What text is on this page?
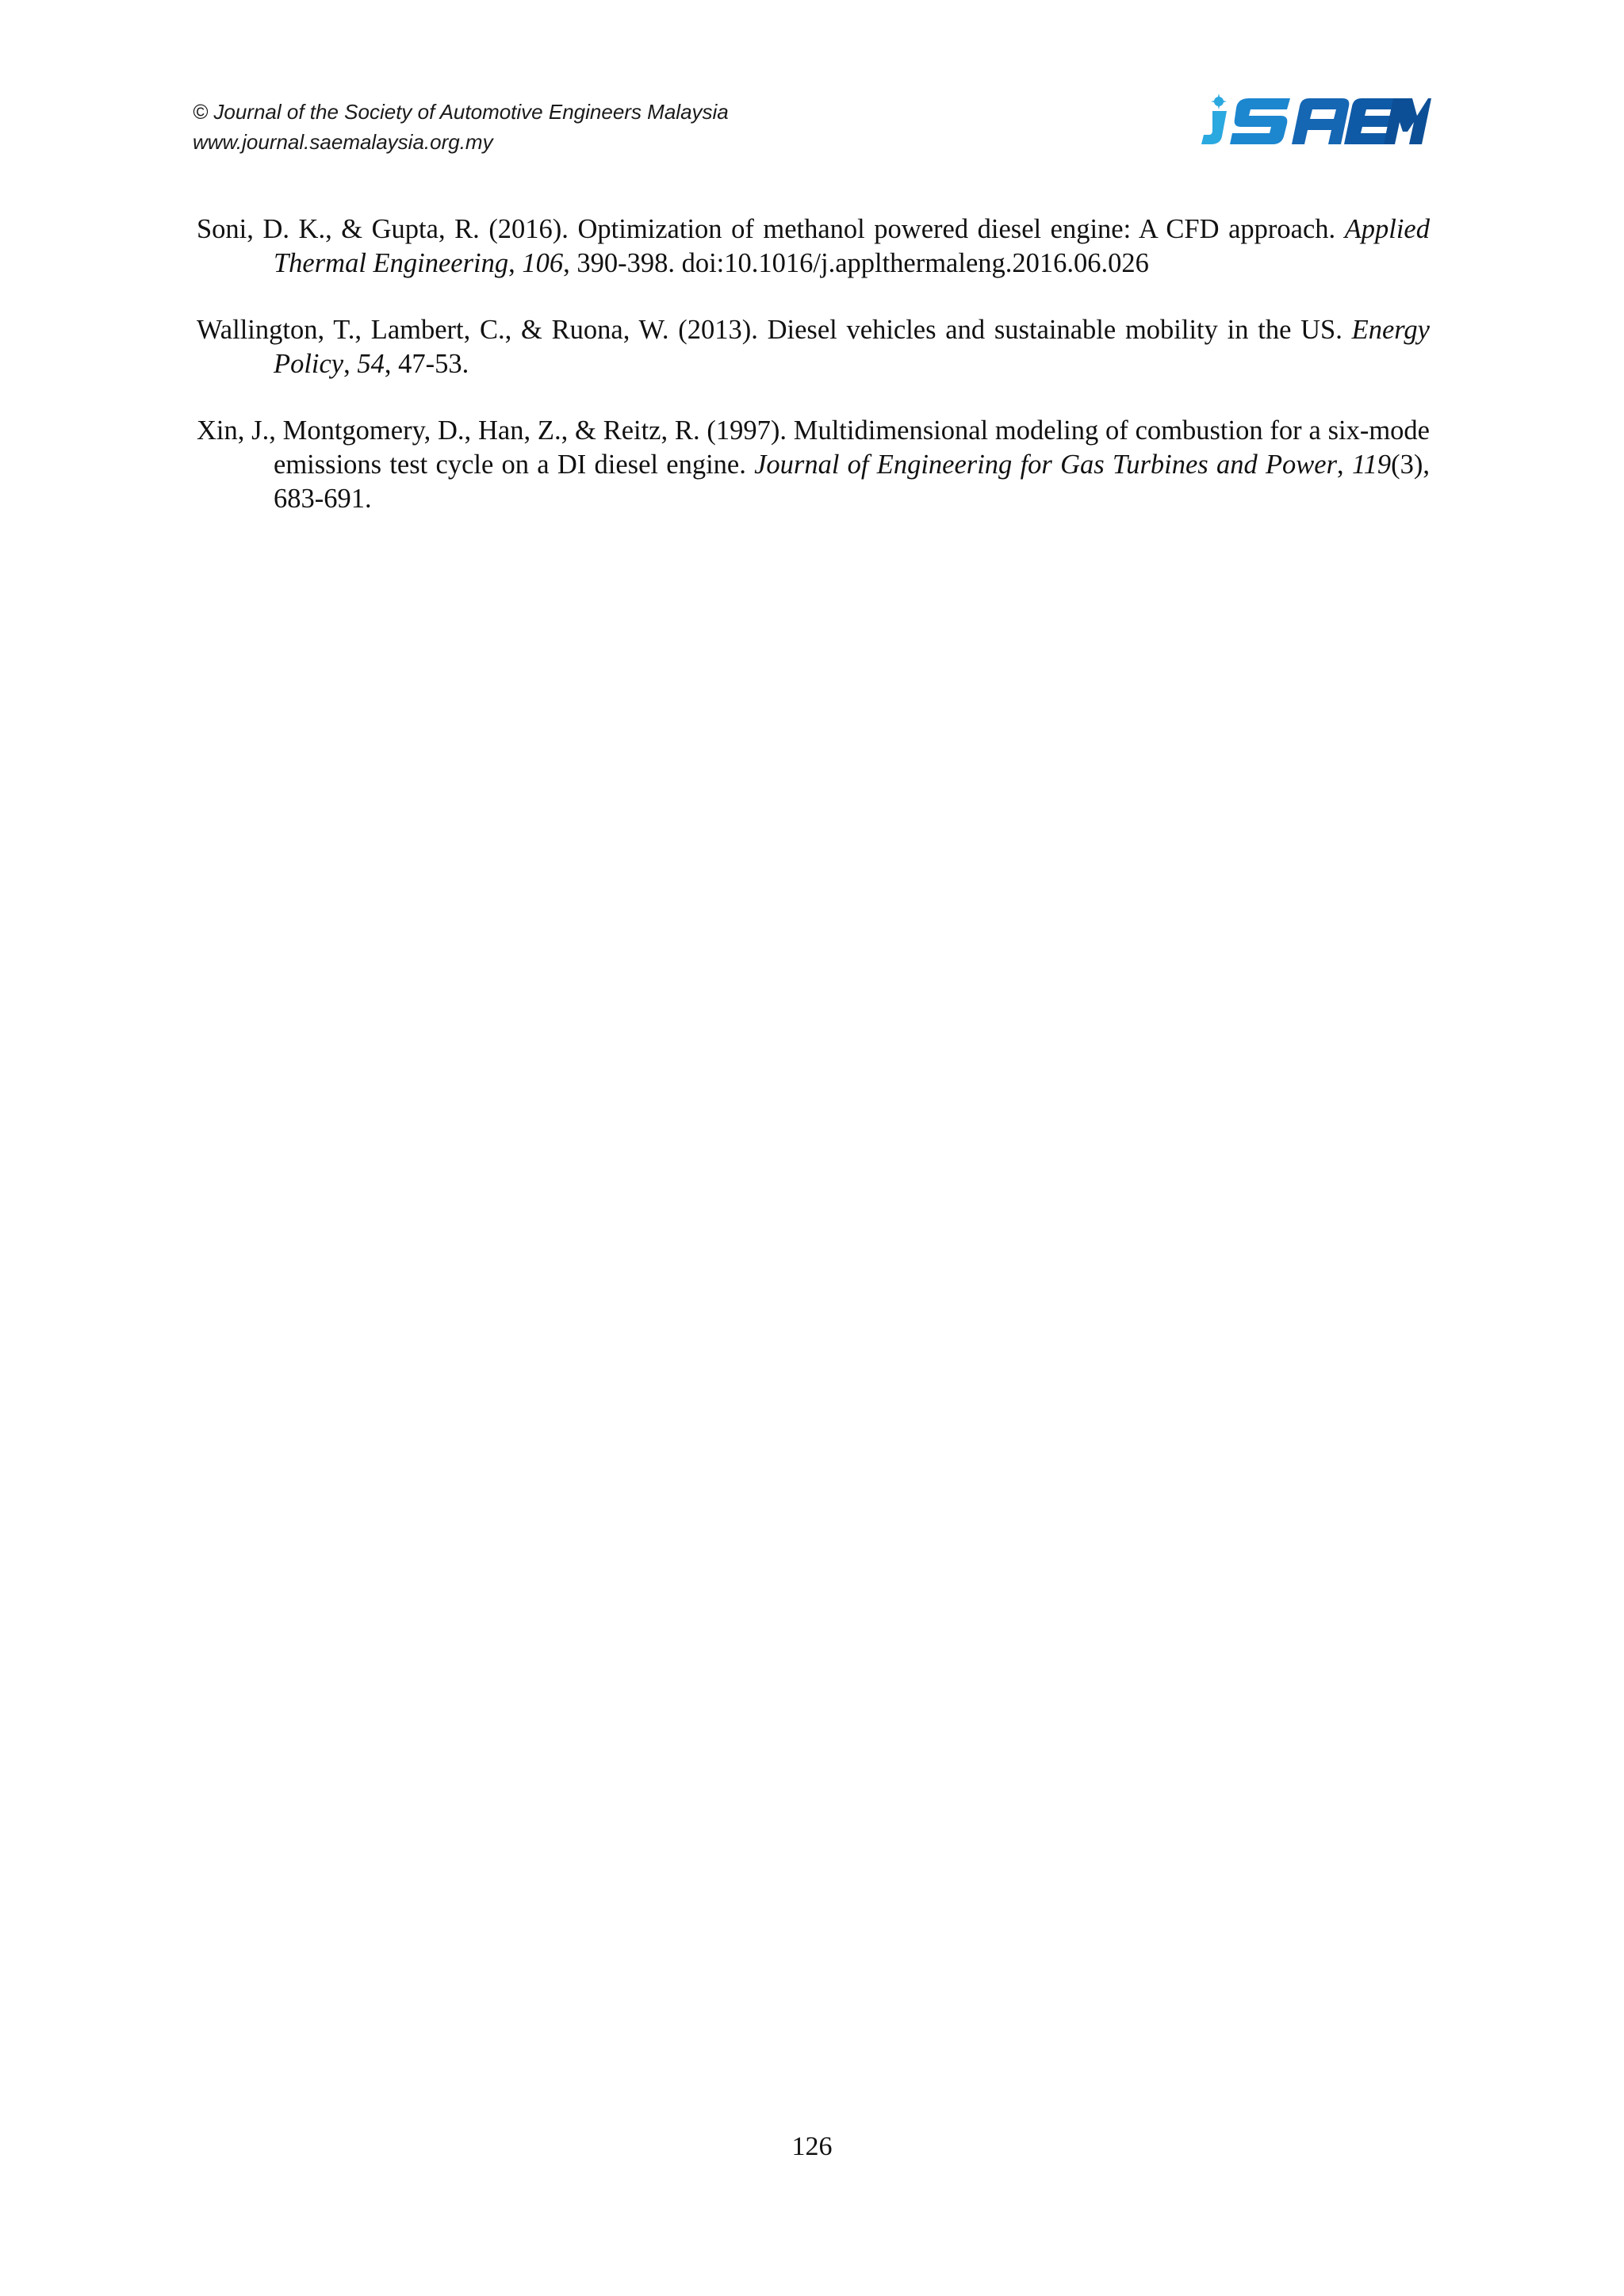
© Journal of the Society of Automotive Engineers Malaysia
www.journal.saemalaysia.org.my

Soni, D. K., & Gupta, R. (2016). Optimization of methanol powered diesel engine: A CFD approach. Applied Thermal Engineering, 106, 390-398. doi:10.1016/j.applthermaleng.2016.06.026

Wallington, T., Lambert, C., & Ruona, W. (2013). Diesel vehicles and sustainable mobility in the US. Energy Policy, 54, 47-53.

Xin, J., Montgomery, D., Han, Z., & Reitz, R. (1997). Multidimensional modeling of combustion for a six-mode emissions test cycle on a DI diesel engine. Journal of Engineering for Gas Turbines and Power, 119(3), 683-691.

126
